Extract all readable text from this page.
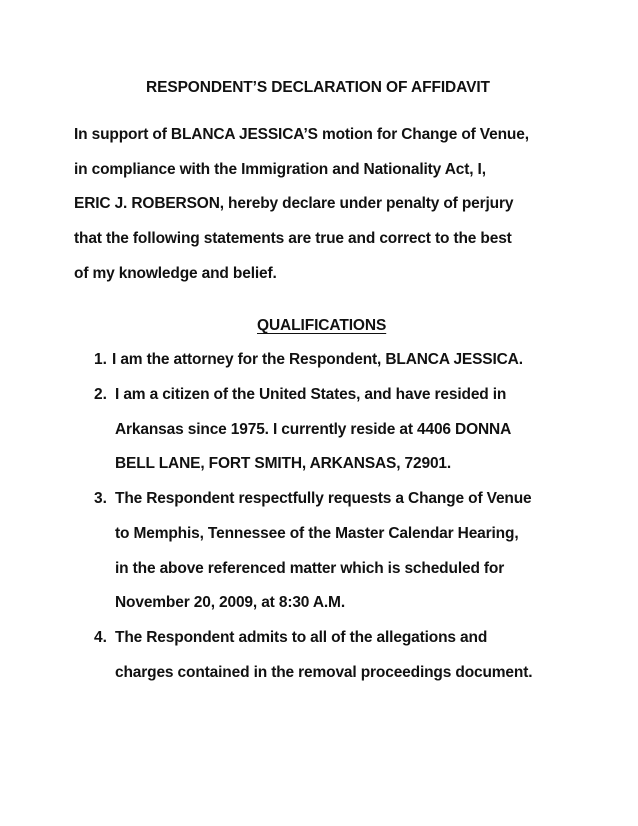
RESPONDENT’S DECLARATION OF AFFIDAVIT
In support of BLANCA JESSICA’S motion for Change of Venue,
in compliance with the Immigration and Nationality Act, I,
ERIC J. ROBERSON, hereby declare under penalty of perjury
that the following statements are true and correct to the best
of my knowledge and belief.
QUALIFICATIONS
1. I am the attorney for the Respondent, BLANCA JESSICA.
2. I am a citizen of the United States, and have resided in
Arkansas since 1975. I currently reside at 4406 DONNA
BELL LANE, FORT SMITH, ARKANSAS, 72901.
3. The Respondent respectfully requests a Change of Venue
to Memphis, Tennessee of the Master Calendar Hearing,
in the above referenced matter which is scheduled for
November 20, 2009, at 8:30 A.M.
4. The Respondent admits to all of the allegations and
charges contained in the removal proceedings document.
